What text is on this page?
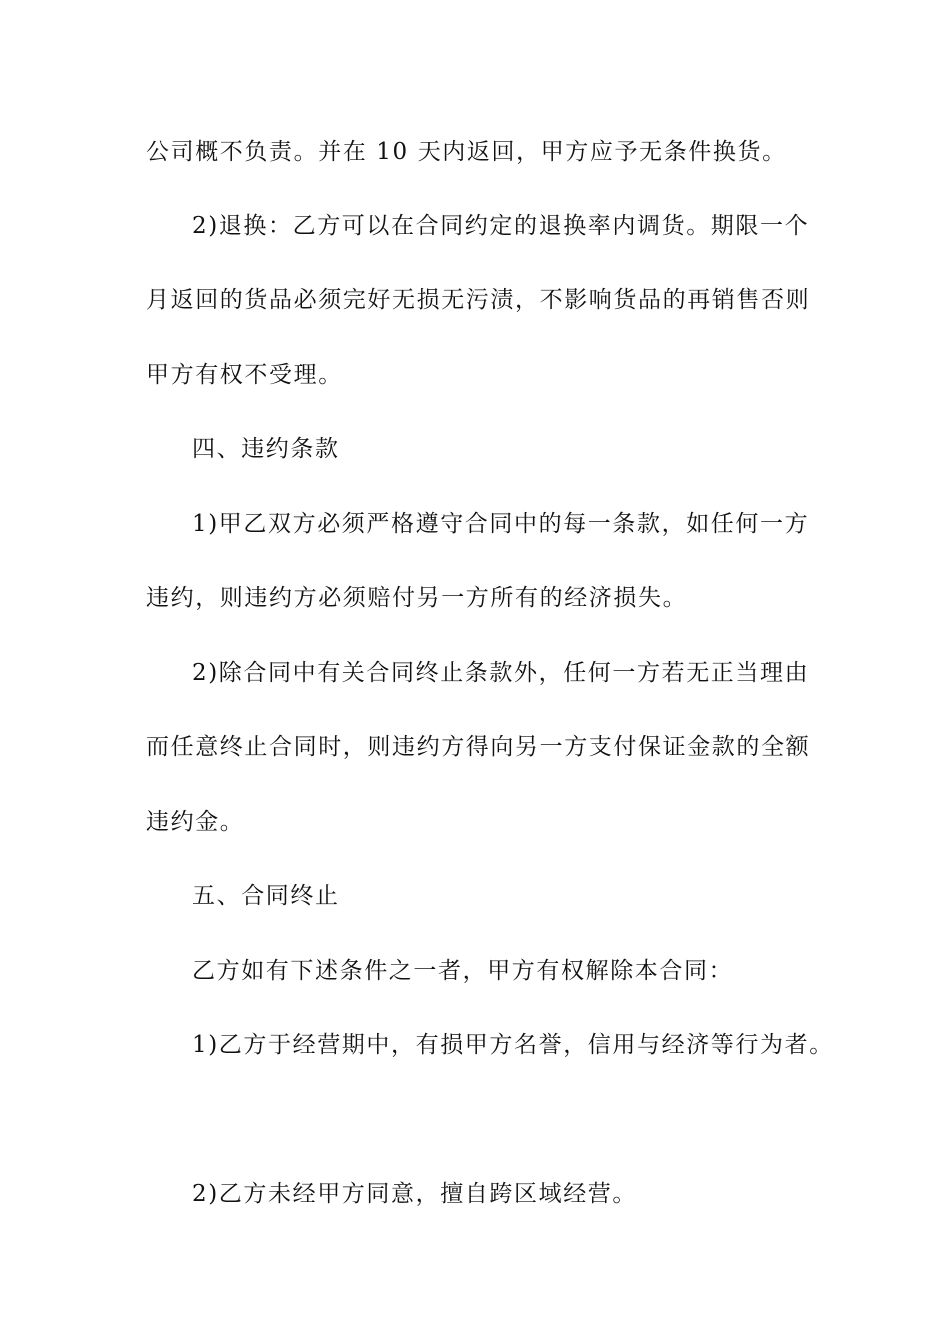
公司概不负责。并在 10 天内返回，甲方应予无条件换货。
2)退换：乙方可以在合同约定的退换率内调货。期限一个
月返回的货品必须完好无损无污渍，不影响货品的再销售否则
甲方有权不受理。
四、违约条款
1)甲乙双方必须严格遵守合同中的每一条款，如任何一方
违约，则违约方必须赔付另一方所有的经济损失。
2)除合同中有关合同终止条款外，任何一方若无正当理由
而任意终止合同时，则违约方得向另一方支付保证金款的全额
违约金。
五、合同终止
乙方如有下述条件之一者，甲方有权解除本合同：
1)乙方于经营期中，有损甲方名誉，信用与经济等行为者。
2)乙方未经甲方同意，擅自跨区域经营。
